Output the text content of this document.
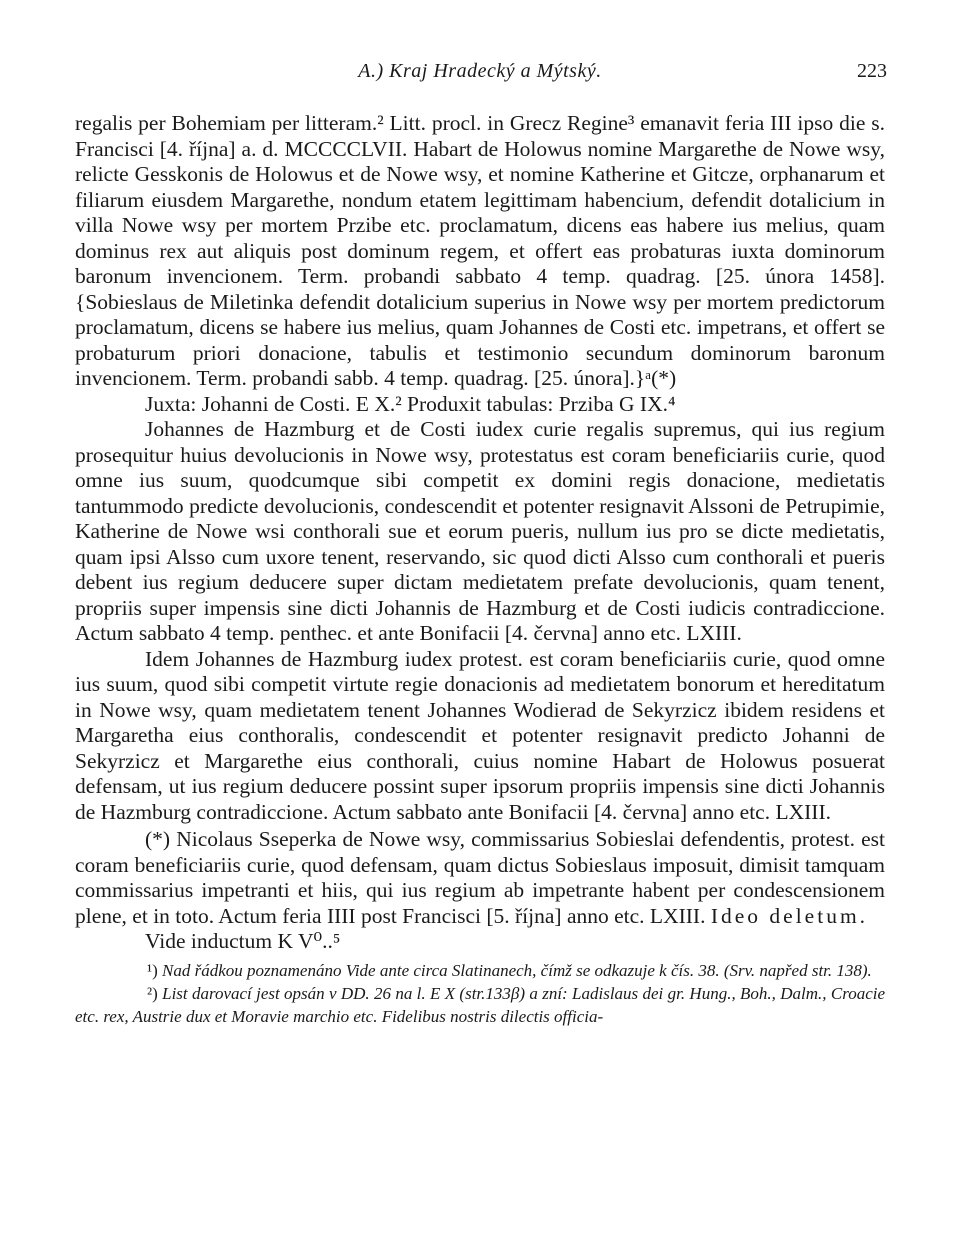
A.) Kraj Hradecký a Mýtský.	223

regalis per Bohemiam per litteram.² Litt. procl. in Grecz Regine³ emanavit feria III ipso die s. Francisci [4. října] a. d. MCCCCLVII. Habart de Holowus nomine Margarethe de Nowe wsy, relicte Gesskonis de Holowus et de Nowe wsy, et nomine Katherine et Gitcze, orphanarum et filiarum eiusdem Margarethe, nondum etatem legittimam habencium, defendit dotalicium in villa Nowe wsy per mortem Przibe etc. proclamatum, dicens eas habere ius melius, quam dominus rex aut aliquis post dominum regem, et offert eas probaturas iuxta dominorum baronum invencionem. Term. probandi sabbato 4 temp. quadrag. [25. února 1458]. {Sobieslaus de Miletinka defendit dotalicium superius in Nowe wsy per mortem predictorum proclamatum, dicens se habere ius melius, quam Johannes de Costi etc. impetrans, et offert se probaturum priori donacione, tabulis et testimonio secundum dominorum baronum invencionem. Term. probandi sabb. 4 temp. quadrag. [25. února].}ᵃ(*)

Juxta: Johanni de Costi. E X.² Produxit tabulas: Prziba G IX.⁴

Johannes de Hazmburg et de Costi iudex curie regalis supremus, qui ius regium prosequitur huius devolucionis in Nowe wsy, protestatus est coram beneficiariis curie, quod omne ius suum, quodcumque sibi competit ex domini regis donacione, medietatis tantummodo predicte devolucionis, condescendit et potenter resignavit Alssoni de Petrupimie, Katherine de Nowe wsi conthorali sue et eorum pueris, nullum ius pro se dicte medietatis, quam ipsi Alsso cum uxore tenent, reservando, sic quod dicti Alsso cum conthorali et pueris debent ius regium deducere super dictam medietatem prefate devolucionis, quam tenent, propriis super impensis sine dicti Johannis de Hazmburg et de Costi iudicis contradiccione. Actum sabbato 4 temp. penthec. et ante Bonifacii [4. června] anno etc. LXIII.

Idem Johannes de Hazmburg iudex protest. est coram beneficiariis curie, quod omne ius suum, quod sibi competit virtute regie donacionis ad medietatem bonorum et hereditatum in Nowe wsy, quam medietatem tenent Johannes Wodierad de Sekyrzicz ibidem residens et Margaretha eius conthoralis, condescendit et potenter resignavit predicto Johanni de Sekyrzicz et Margarethe eius conthorali, cuius nomine Habart de Holowus posuerat defensam, ut ius regium deducere possint super ipsorum propriis impensis sine dicti Johannis de Hazmburg contradiccione. Actum sabbato ante Bonifacii [4. června] anno etc. LXIII.

(*) Nicolaus Sseperka de Nowe wsy, commissarius Sobieslai defendentis, protest. est coram beneficiariis curie, quod defensam, quam dictus Sobieslaus imposuit, dimisit tamquam commissarius impetranti et hiis, qui ius regium ab impetrante habent per condescensionem plene, et in toto. Actum feria IIII post Francisci [5. října] anno etc. LXIII. Ideo deletum.

Vide inductum K V⁰..⁵

¹) Nad řádkou poznamenáno Vide ante circa Slatinanech, čímž se odkazuje k čís. 38. (Srv. napřed str. 138).

²) List darovací jest opsán v DD. 26 na l. E X (str.133β) a zní: Ladislaus dei gr. Hung., Boh., Dalm., Croacie etc. rex, Austrie dux et Moravie marchio etc. Fidelibus nostris dilectis officia-
